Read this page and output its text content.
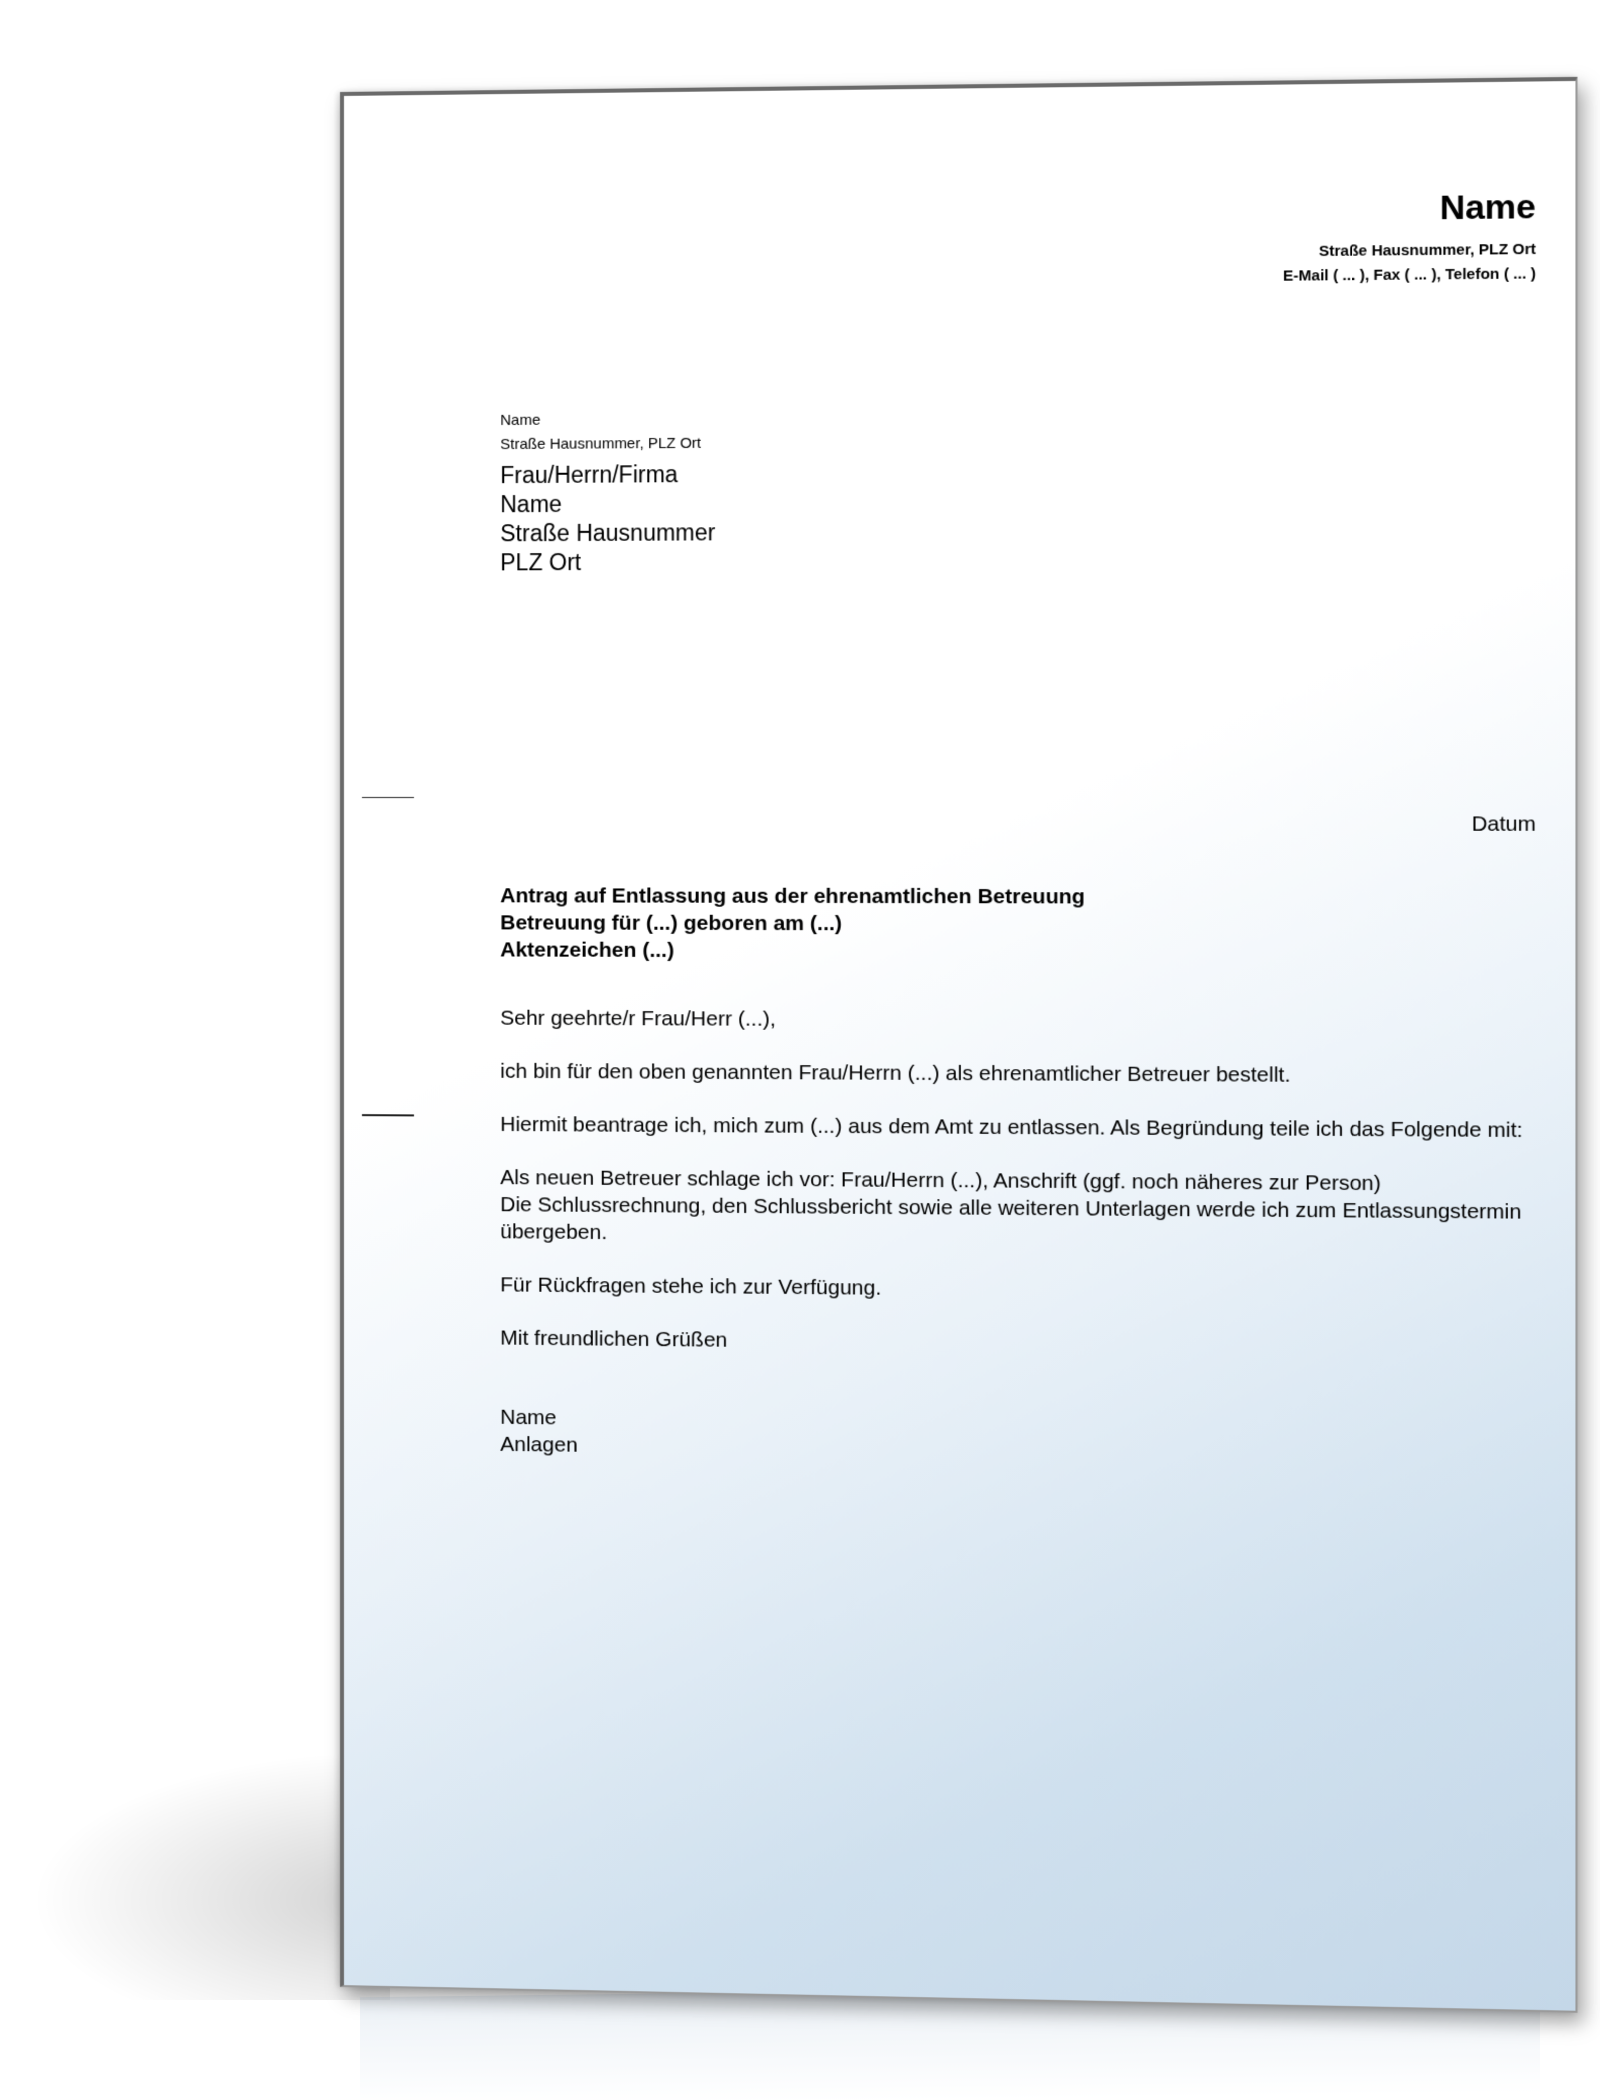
Name
Straße Hausnummer, PLZ Ort
E-Mail ( ... ), Fax ( ... ), Telefon ( ... )
Name
Straße Hausnummer, PLZ Ort
Frau/Herrn/Firma
Name
Straße Hausnummer
PLZ Ort
Datum
Antrag auf Entlassung aus der ehrenamtlichen Betreuung
Betreuung für (...) geboren am (...)
Aktenzeichen (...)

Sehr geehrte/r Frau/Herr (...),

ich bin für den oben genannten Frau/Herrn (...) als ehrenamtlicher Betreuer bestellt.

Hiermit beantrage ich, mich zum (...) aus dem Amt zu entlassen. Als Begründung teile ich das Folgende mit:

Als neuen Betreuer schlage ich vor: Frau/Herrn (...), Anschrift (ggf. noch näheres zur Person)

Die Schlussrechnung, den Schlussbericht sowie alle weiteren Unterlagen werde ich zum Entlassungstermin übergeben.

Für Rückfragen stehe ich zur Verfügung.

Mit freundlichen Grüßen

Name

Anlagen
